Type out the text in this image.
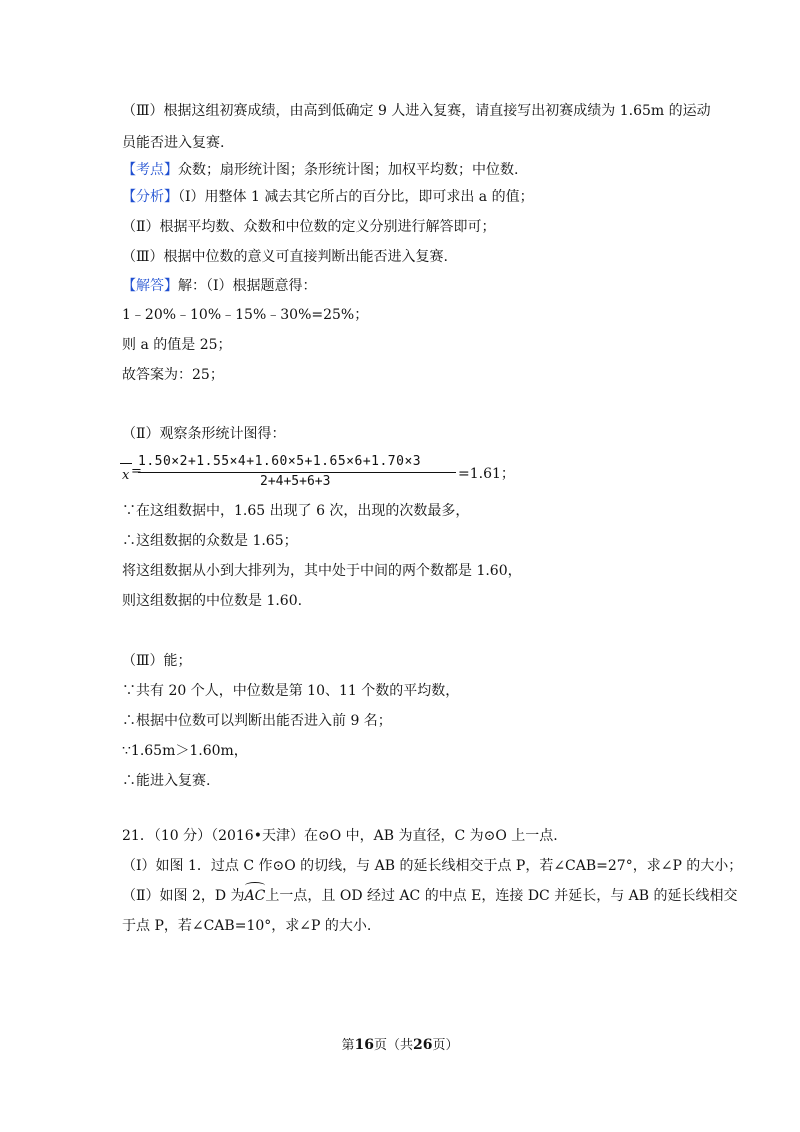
（Ⅲ）根据这组初赛成绩，由高到低确定 9 人进入复赛，请直接写出初赛成绩为 1.65m 的运动
员能否进入复赛.
【考点】众数；扇形统计图；条形统计图；加权平均数；中位数.
【分析】（Ⅰ）用整体 1 减去其它所占的百分比，即可求出 a 的值；
（Ⅱ）根据平均数、众数和中位数的定义分别进行解答即可；
（Ⅲ）根据中位数的意义可直接判断出能否进入复赛.
【解答】解：（Ⅰ）根据题意得：
1﹣20%﹣10%﹣15%﹣30%=25%；
则 a 的值是 25；
故答案为：25；
（Ⅱ）观察条形统计图得：
x =
1.50×2+1.55×4+1.60×5+1.65×6+1.70×3
2+4+5+6+3	=1.61；
∵在这组数据中，1.65 出现了 6 次，出现的次数最多，
∴这组数据的众数是 1.65；
将这组数据从小到大排列为，其中处于中间的两个数都是 1.60，
则这组数据的中位数是 1.60.
（Ⅲ）能；
∵共有 20 个人，中位数是第 10、11 个数的平均数，
∴根据中位数可以判断出能否进入前 9 名；
∵1.65m＞1.60m，
∴能进入复赛.
21．（10 分）（2016•天津）在⊙O 中，AB 为直径，C 为⊙O 上一点.
（Ⅰ）如图 1．过点 C 作⊙O 的切线，与 AB 的延长线相交于点 P，若∠CAB=27°，求∠P 的大小；
（Ⅱ）如图 2，D 为AC上一点，且 OD 经过 AC 的中点 E，连接 DC 并延长，与 AB 的延长线相交
于点 P，若∠CAB=10°，求∠P 的大小.
第16页（共26页）
